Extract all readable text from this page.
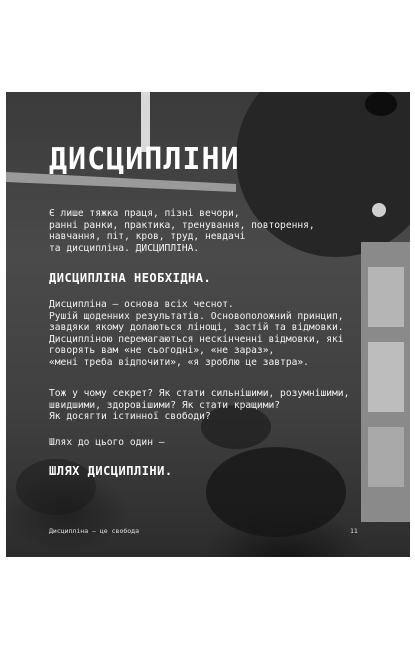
ДИСЦИПЛІНИ

Є лише тяжка праця, пізні вечори,
ранні ранки, практика, тренування, повторення,
навчання, піт, кров, труд, невдачі
та дисципліна. ДИСЦИПЛІНА.

ДИСЦИПЛІНА НЕОБХІДНА.

Дисципліна — основа всіх чеснот.
Рушій щоденних результатів. Основоположний принцип,
завдяки якому долаються лінощі, застій та відмовки.
Дисципліною перемагаються нескінченні відмовки, які
говорять вам «не сьогодні», «не зараз»,
«мені треба відпочити», «я зроблю це завтра».

Тож у чому секрет? Як стати сильнішими, розумнішими,
швидшими, здоровішими? Як стати кращими?
Як досягти істинної свободи?

Шлях до цього один —

ШЛЯХ ДИСЦИПЛІНИ.
Дисципліна — це свобода	11
